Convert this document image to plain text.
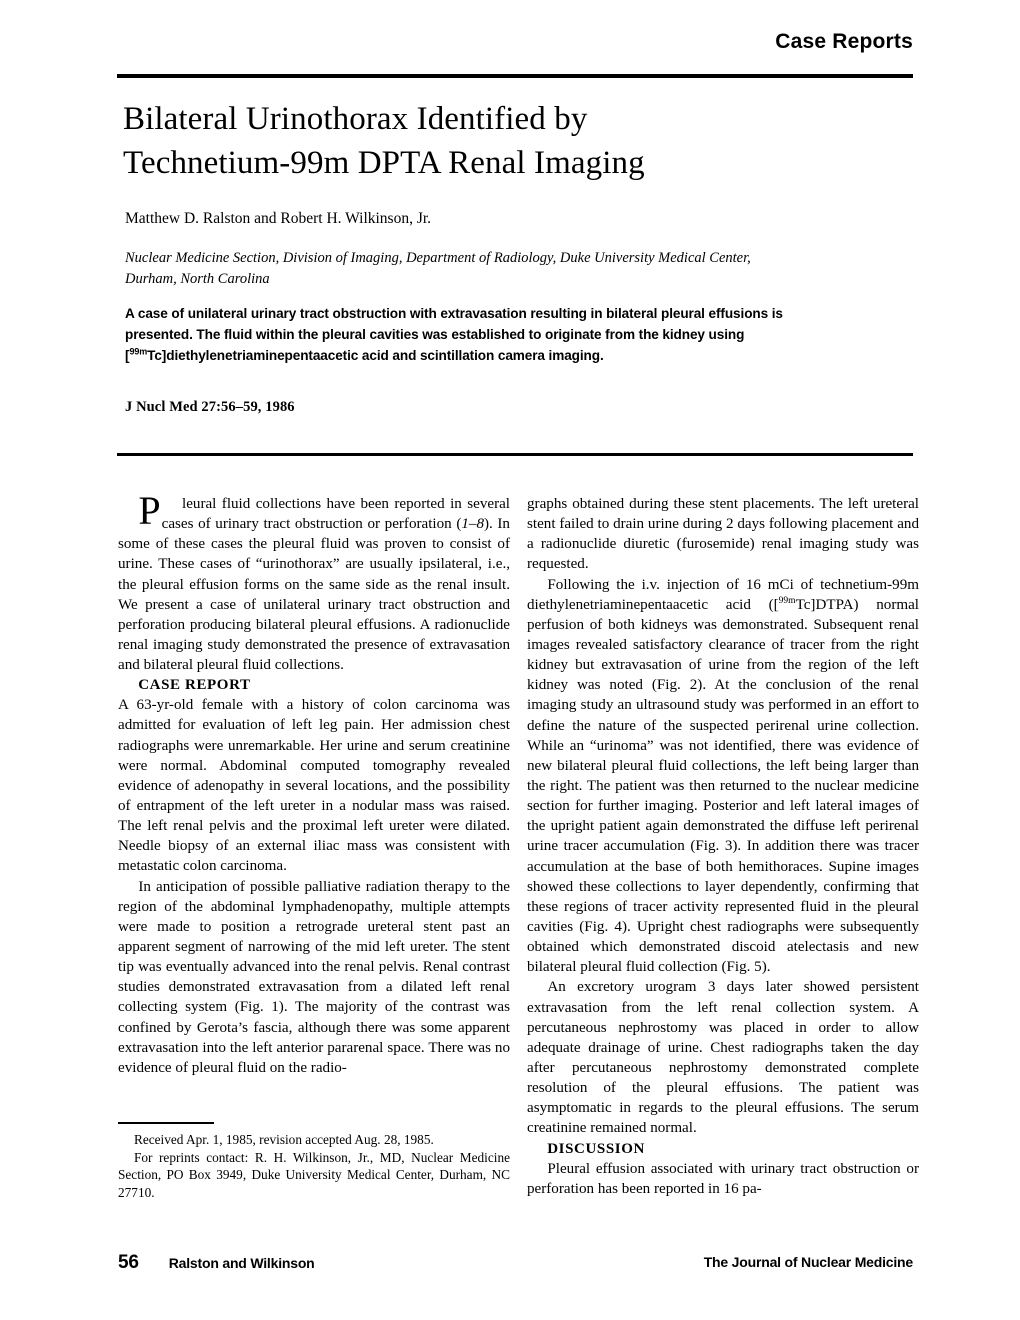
Case Reports
Bilateral Urinothorax Identified by
Technetium-99m DPTA Renal Imaging
Matthew D. Ralston and Robert H. Wilkinson, Jr.
Nuclear Medicine Section, Division of Imaging, Department of Radiology, Duke University Medical Center, Durham, North Carolina
A case of unilateral urinary tract obstruction with extravasation resulting in bilateral pleural effusions is presented. The fluid within the pleural cavities was established to originate from the kidney using [$^{99m}$Tc]diethylenetriaminepentaacetic acid and scintillation camera imaging.
J Nucl Med 27:56–59, 1986

P leural fluid collections have been reported in several cases of urinary tract obstruction or perforation (1–8). In some of these cases the pleural fluid was proven to consist of urine. These cases of “urinothorax” are usually ipsilateral, i.e., the pleural effusion forms on the same side as the renal insult. We present a case of unilateral urinary tract obstruction and perforation producing bilateral pleural effusions. A radionuclide renal imaging study demonstrated the presence of extravasation and bilateral pleural fluid collections.

CASE REPORT

A 63-yr-old female with a history of colon carcinoma was admitted for evaluation of left leg pain. Her admission chest radiographs were unremarkable. Her urine and serum creatinine were normal. Abdominal computed tomography revealed evidence of adenopathy in several locations, and the possibility of entrapment of the left ureter in a nodular mass was raised. The left renal pelvis and the proximal left ureter were dilated. Needle biopsy of an external iliac mass was consistent with metastatic colon carcinoma.

In anticipation of possible palliative radiation therapy to the region of the abdominal lymphadenopathy, multiple attempts were made to position a retrograde ureteral stent past an apparent segment of narrowing of the mid left ureter. The stent tip was eventually advanced into the renal pelvis. Renal contrast studies demonstrated extravasation from a dilated left renal collecting system (Fig. 1). The majority of the contrast was confined by Gerota’s fascia, although there was some apparent extravasation into the left anterior pararenal space. There was no evidence of pleural fluid on the radio-

graphs obtained during these stent placements. The left ureteral stent failed to drain urine during 2 days following placement and a radionuclide diuretic (furosemide) renal imaging study was requested.

Following the i.v. injection of 16 mCi of technetium-99m diethylenetriaminepentaacetic acid ([$^{99m}$Tc]DTPA) normal perfusion of both kidneys was demonstrated. Subsequent renal images revealed satisfactory clearance of tracer from the right kidney but extravasation of urine from the region of the left kidney was noted (Fig. 2). At the conclusion of the renal imaging study an ultrasound study was performed in an effort to define the nature of the suspected perirenal urine collection. While an “urinoma” was not identified, there was evidence of new bilateral pleural fluid collections, the left being larger than the right. The patient was then returned to the nuclear medicine section for further imaging. Posterior and left lateral images of the upright patient again demonstrated the diffuse left perirenal urine tracer accumulation (Fig. 3). In addition there was tracer accumulation at the base of both hemithoraces. Supine images showed these collections to layer dependently, confirming that these regions of tracer activity represented fluid in the pleural cavities (Fig. 4). Upright chest radiographs were subsequently obtained which demonstrated discoid atelectasis and new bilateral pleural fluid collection (Fig. 5).

An excretory urogram 3 days later showed persistent extravasation from the left renal collection system. A percutaneous nephrostomy was placed in order to allow adequate drainage of urine. Chest radiographs taken the day after percutaneous nephrostomy demonstrated complete resolution of the pleural effusions. The patient was asymptomatic in regards to the pleural effusions. The serum creatinine remained normal.

DISCUSSION

Pleural effusion associated with urinary tract obstruction or perforation has been reported in 16 pa-

Received Apr. 1, 1985, revision accepted Aug. 28, 1985.

For reprints contact: R. H. Wilkinson, Jr., MD, Nuclear Medicine Section, PO Box 3949, Duke University Medical Center, Durham, NC 27710.

56 Ralston and Wilkinson	The Journal of Nuclear Medicine
